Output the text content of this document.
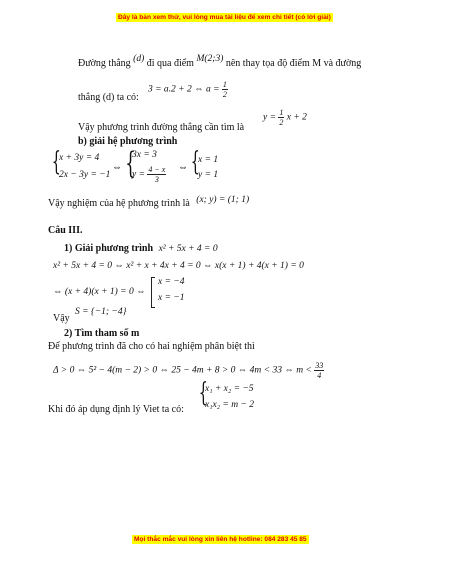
Đây là bản xem thử, vui lòng mua tài liệu để xem chi tiết (có lời giải)
Đường thẳng (d) đi qua điểm M(2;3) nên thay tọa độ điểm M và đường
thẳng (d) ta có:
3 = a.2 + 2 ⇔ $a = \frac{1}{2}$
Vậy phương trình đường thẳng cần tìm là
$y = \frac{1}{2}$ x + 2
b) giải hệ phương trình
{
x + 3y = 4
2x − 3y = −1
⇔ {
3x = 3
$y = \frac{4 - x}{3}$ ⇔ {
x = 1
y = 1
Vậy nghiệm của hệ phương trình là (x; y) = (1; 1)
Câu III.
1) Giải phương trình x² + 5x + 4 = 0
x² + 5x + 4 = 0 ⇔ x² + x + 4x + 4 = 0 ⇔ x(x + 1) + 4(x + 1) = 0
⇔ (x + 4)(x + 1) = 0 ⇔
x = −4
x = −1
Vậy
S = {−1; −4}
2) Tìm tham số m
Để phương trình đã cho có hai nghiệm phân biệt thì
Δ > 0 ⇔ 5² − 4(m − 2) > 0 ⇔ 25 − 4m + 8 > 0 ⇔ 4m < 33 ⇔ $m < \frac{33}{4}$
Khi đó áp dụng định lý Viet ta có:
{
x₁ + x₂ = −5
x₁x₂ = m − 2
Mọi thắc mắc vui lòng xin liên hệ hotline: 084 283 45 85
